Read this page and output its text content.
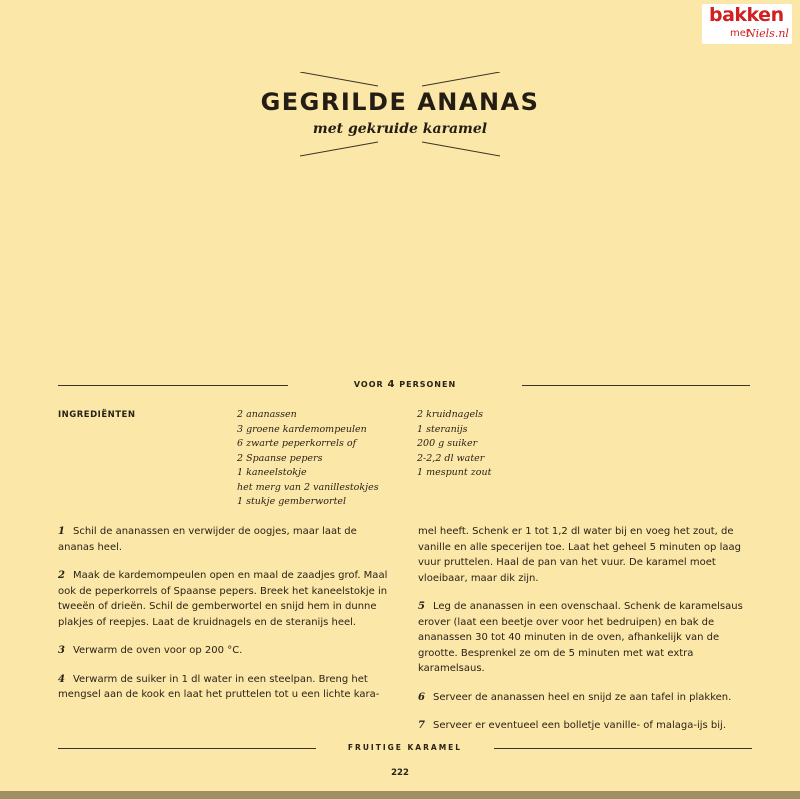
bakken
met
Niels.nl
GEGRILDE ANANAS
met gekruide karamel
VOOR 4 PERSONEN
INGREDIËNTEN	2 ananassen
3 groene kardemompeulen
6 zwarte peperkorrels of
2 Spaanse pepers
1 kaneelstokje
het merg van 2 vanillestokjes
1 stukje gemberwortel
2 kruidnagels
1 steranijs
200 g suiker
2-2,2 dl water
1 mespunt zout

1 Schil de ananassen en verwijder de oogjes, maar laat de ananas heel.

2 Maak de kardemompeulen open en maal de zaadjes grof. Maal ook de peperkorrels of Spaanse pepers. Breek het kaneelstokje in tweeën of drieën. Schil de gemberwortel en snijd hem in dunne plakjes of reepjes. Laat de kruidnagels en de steranijs heel.

3 Verwarm de oven voor op 200 °C.

4 Verwarm de suiker in 1 dl water in een steelpan. Breng het mengsel aan de kook en laat het pruttelen tot u een lichte kara-

mel heeft. Schenk er 1 tot 1,2 dl water bij en voeg het zout, de vanille en alle specerijen toe. Laat het geheel 5 minuten op laag vuur pruttelen. Haal de pan van het vuur. De karamel moet vloeibaar, maar dik zijn.

5 Leg de ananassen in een ovenschaal. Schenk de karamelsaus erover (laat een beetje over voor het bedruipen) en bak de ananassen 30 tot 40 minuten in de oven, afhankelijk van de grootte. Besprenkel ze om de 5 minuten met wat extra karamelsaus.

6 Serveer de ananassen heel en snijd ze aan tafel in plakken.

7 Serveer er eventueel een bolletje vanille- of malaga-ijs bij.

FRUITIGE KARAMEL
222
